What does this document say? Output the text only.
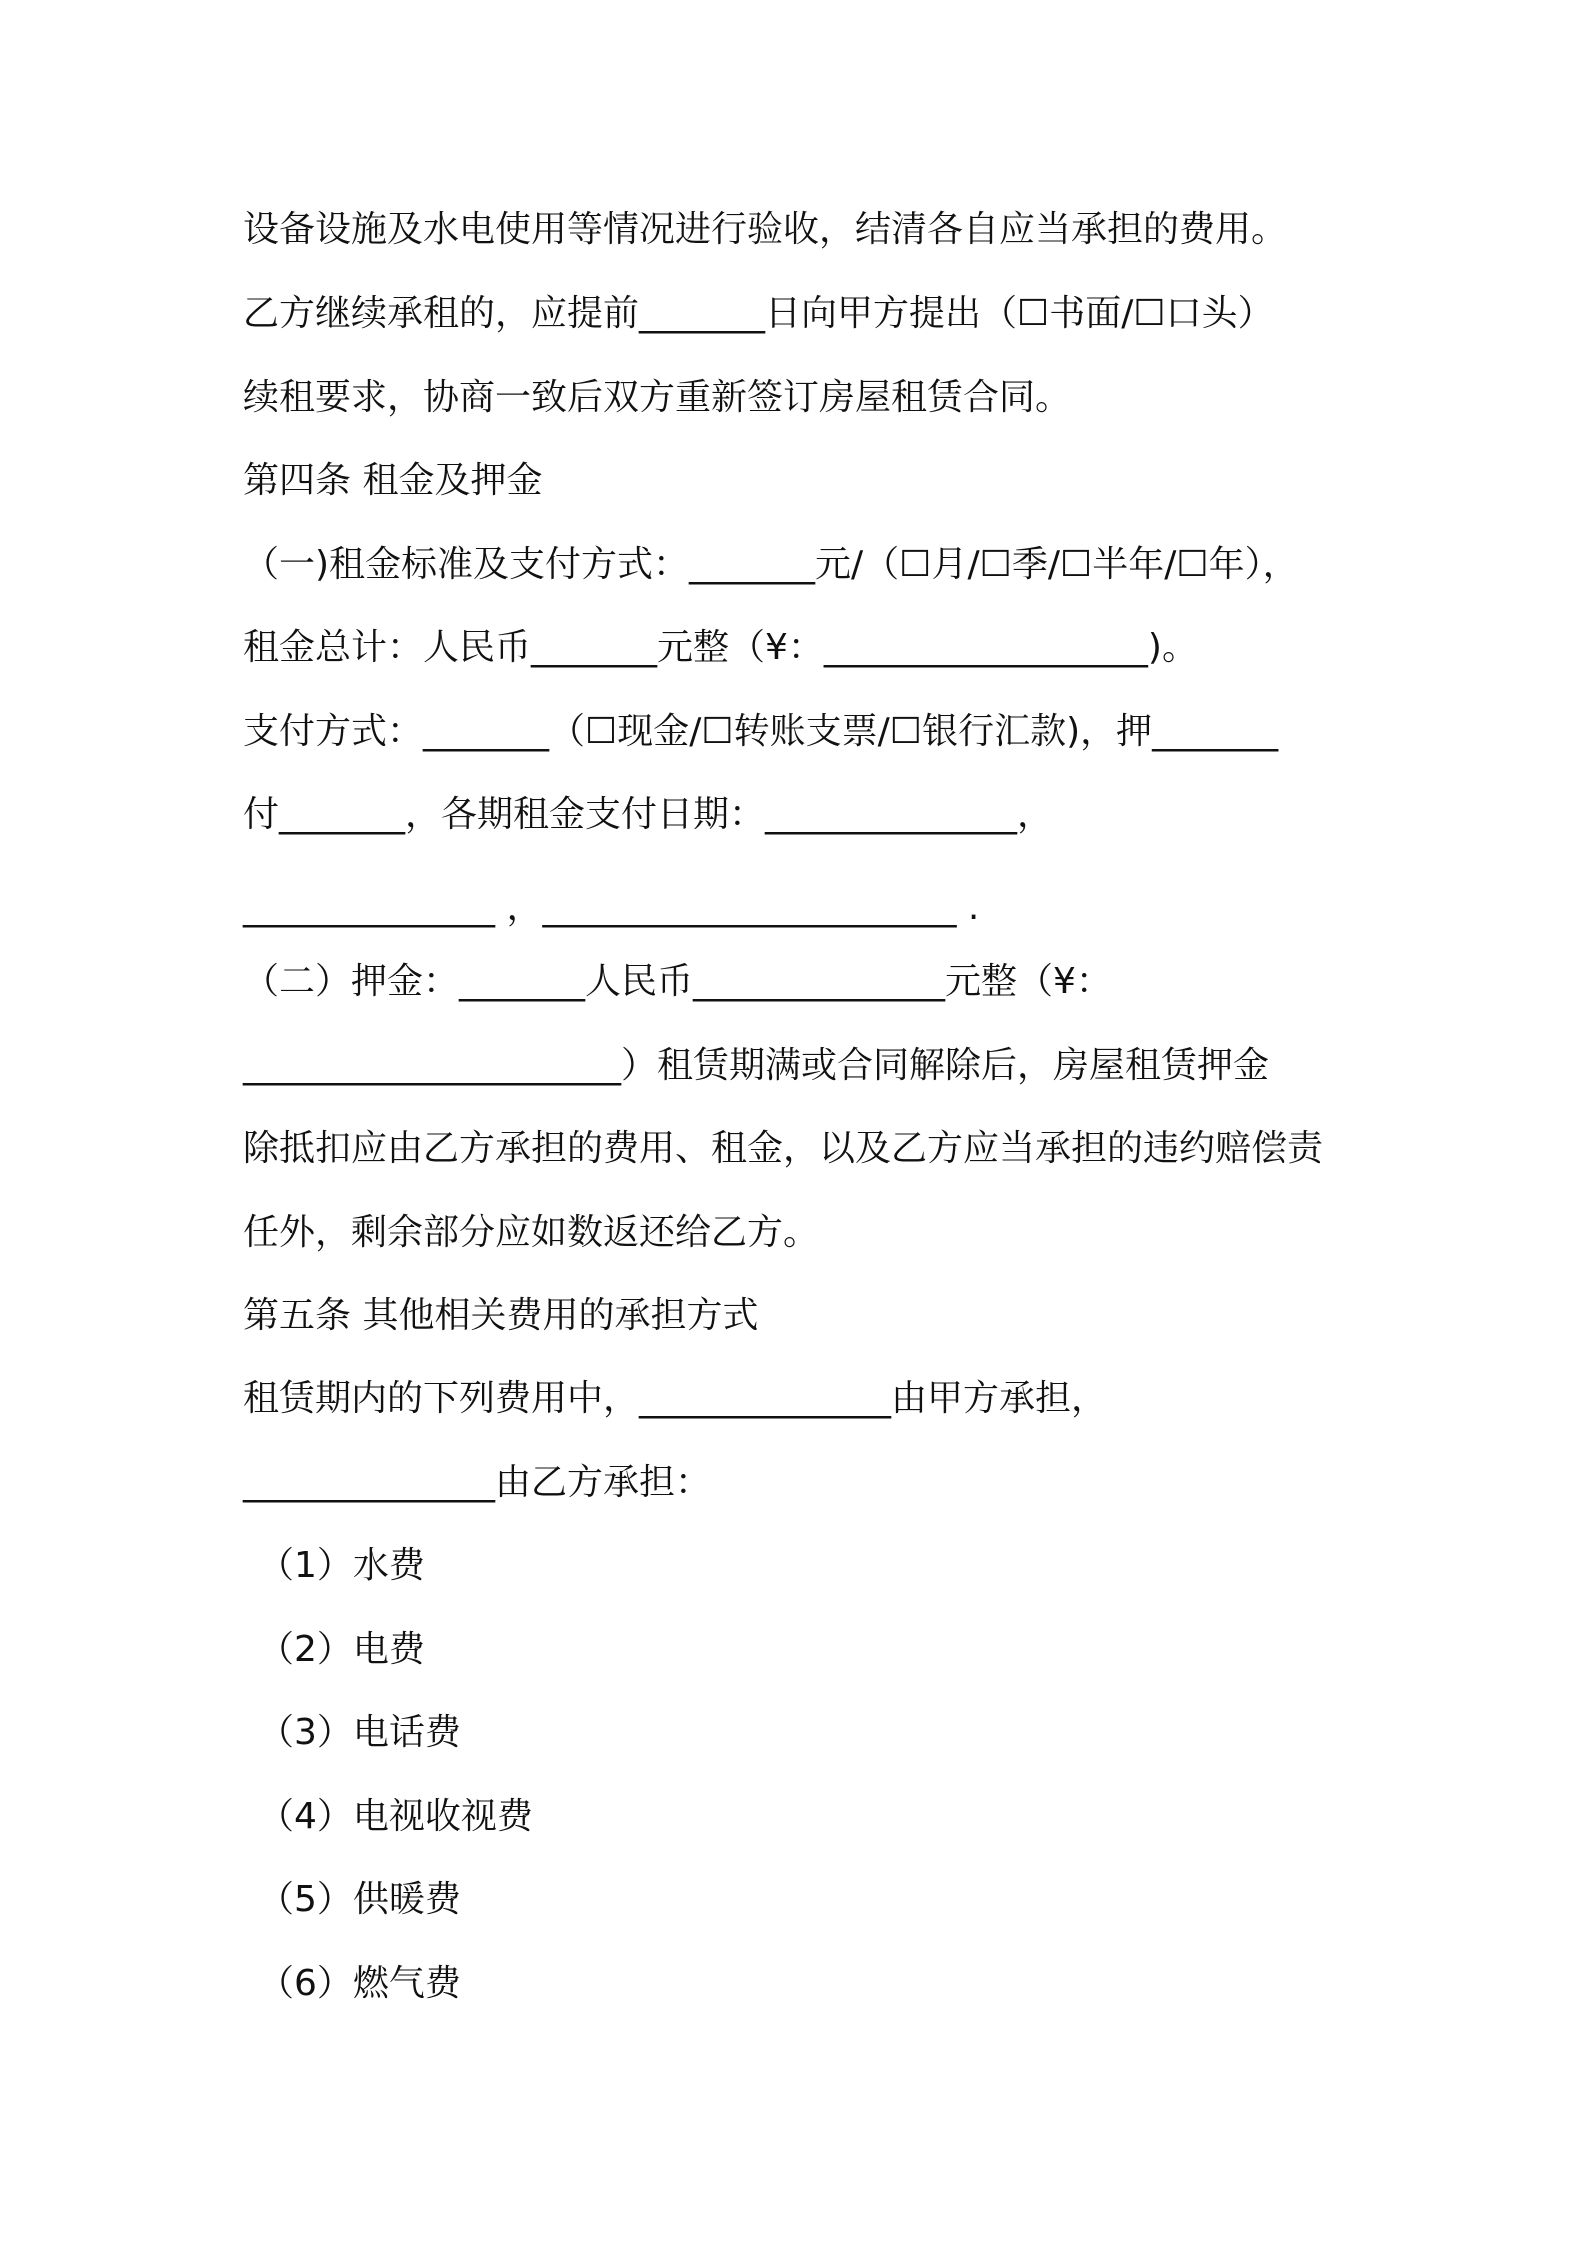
设备设施及水电使用等情况进行验收，结清各自应当承担的费用。
乙方继续承租的，应提前_______日向甲方提出（☐书面/☐口头）
续租要求，协商一致后双方重新签订房屋租赁合同。
第四条 租金及押金
（一)租金标准及支付方式：_______元/（☐月/☐季/☐半年/☐年），
租金总计：人民币_______元整（¥：__________________)。
支付方式：_______（☐现金/☐转账支票/☐银行汇款)，押_______
付_______，各期租金支付日期：______________，
______________ ，_______________________ .
（二）押金：_______人民币______________元整（¥：
_____________________）租赁期满或合同解除后，房屋租赁押金
除抵扣应由乙方承担的费用、租金，以及乙方应当承担的违约赔偿责
任外，剩余部分应如数返还给乙方。
第五条 其他相关费用的承担方式
租赁期内的下列费用中，______________由甲方承担，
______________由乙方承担：
（1）水费
（2）电费
（3）电话费
（4）电视收视费
（5）供暖费
（6）燃气费
